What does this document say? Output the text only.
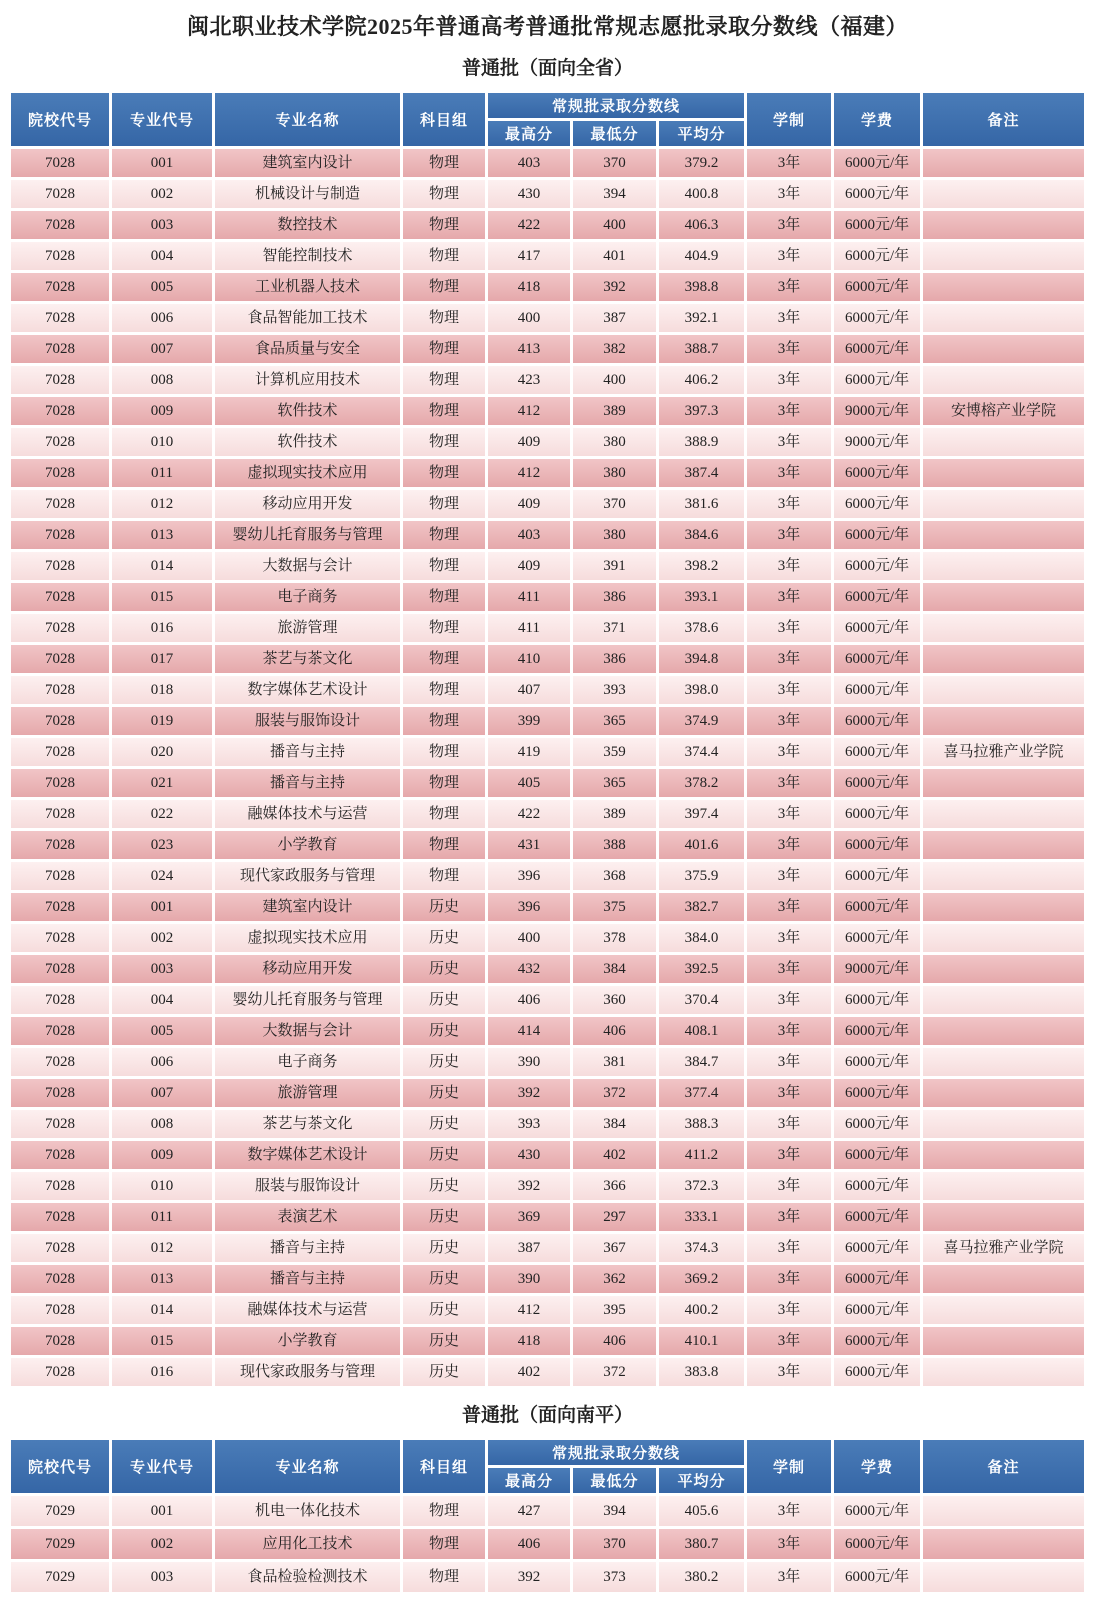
闽北职业技术学院2025年普通高考普通批常规志愿批录取分数线（福建）
普通批（面向全省）
院校代号	专业代号	专业名称	科目组	常规批录取分数线			学制	学费	备注
				最高分	最低分	平均分			
7028	001	建筑室内设计	物理	403	370	379.2	3年	6000元/年	
7028	002	机械设计与制造	物理	430	394	400.8	3年	6000元/年	
7028	003	数控技术	物理	422	400	406.3	3年	6000元/年	
7028	004	智能控制技术	物理	417	401	404.9	3年	6000元/年	
7028	005	工业机器人技术	物理	418	392	398.8	3年	6000元/年	
7028	006	食品智能加工技术	物理	400	387	392.1	3年	6000元/年	
7028	007	食品质量与安全	物理	413	382	388.7	3年	6000元/年	
7028	008	计算机应用技术	物理	423	400	406.2	3年	6000元/年	
7028	009	软件技术	物理	412	389	397.3	3年	9000元/年	安博榕产业学院
7028	010	软件技术	物理	409	380	388.9	3年	9000元/年	
7028	011	虚拟现实技术应用	物理	412	380	387.4	3年	6000元/年	
7028	012	移动应用开发	物理	409	370	381.6	3年	6000元/年	
7028	013	婴幼儿托育服务与管理	物理	403	380	384.6	3年	6000元/年	
7028	014	大数据与会计	物理	409	391	398.2	3年	6000元/年	
7028	015	电子商务	物理	411	386	393.1	3年	6000元/年	
7028	016	旅游管理	物理	411	371	378.6	3年	6000元/年	
7028	017	茶艺与茶文化	物理	410	386	394.8	3年	6000元/年	
7028	018	数字媒体艺术设计	物理	407	393	398.0	3年	6000元/年	
7028	019	服装与服饰设计	物理	399	365	374.9	3年	6000元/年	
7028	020	播音与主持	物理	419	359	374.4	3年	6000元/年	喜马拉雅产业学院
7028	021	播音与主持	物理	405	365	378.2	3年	6000元/年	
7028	022	融媒体技术与运营	物理	422	389	397.4	3年	6000元/年	
7028	023	小学教育	物理	431	388	401.6	3年	6000元/年	
7028	024	现代家政服务与管理	物理	396	368	375.9	3年	6000元/年	
7028	001	建筑室内设计	历史	396	375	382.7	3年	6000元/年	
7028	002	虚拟现实技术应用	历史	400	378	384.0	3年	6000元/年	
7028	003	移动应用开发	历史	432	384	392.5	3年	9000元/年	
7028	004	婴幼儿托育服务与管理	历史	406	360	370.4	3年	6000元/年	
7028	005	大数据与会计	历史	414	406	408.1	3年	6000元/年	
7028	006	电子商务	历史	390	381	384.7	3年	6000元/年	
7028	007	旅游管理	历史	392	372	377.4	3年	6000元/年	
7028	008	茶艺与茶文化	历史	393	384	388.3	3年	6000元/年	
7028	009	数字媒体艺术设计	历史	430	402	411.2	3年	6000元/年	
7028	010	服装与服饰设计	历史	392	366	372.3	3年	6000元/年	
7028	011	表演艺术	历史	369	297	333.1	3年	6000元/年	
7028	012	播音与主持	历史	387	367	374.3	3年	6000元/年	喜马拉雅产业学院
7028	013	播音与主持	历史	390	362	369.2	3年	6000元/年	
7028	014	融媒体技术与运营	历史	412	395	400.2	3年	6000元/年	
7028	015	小学教育	历史	418	406	410.1	3年	6000元/年	
7028	016	现代家政服务与管理	历史	402	372	383.8	3年	6000元/年	
普通批（面向南平）
院校代号	专业代号	专业名称	科目组	常规批录取分数线			学制	学费	备注
				最高分	最低分	平均分			
7029	001	机电一体化技术	物理	427	394	405.6	3年	6000元/年	
7029	002	应用化工技术	物理	406	370	380.7	3年	6000元/年	
7029	003	食品检验检测技术	物理	392	373	380.2	3年	6000元/年	
